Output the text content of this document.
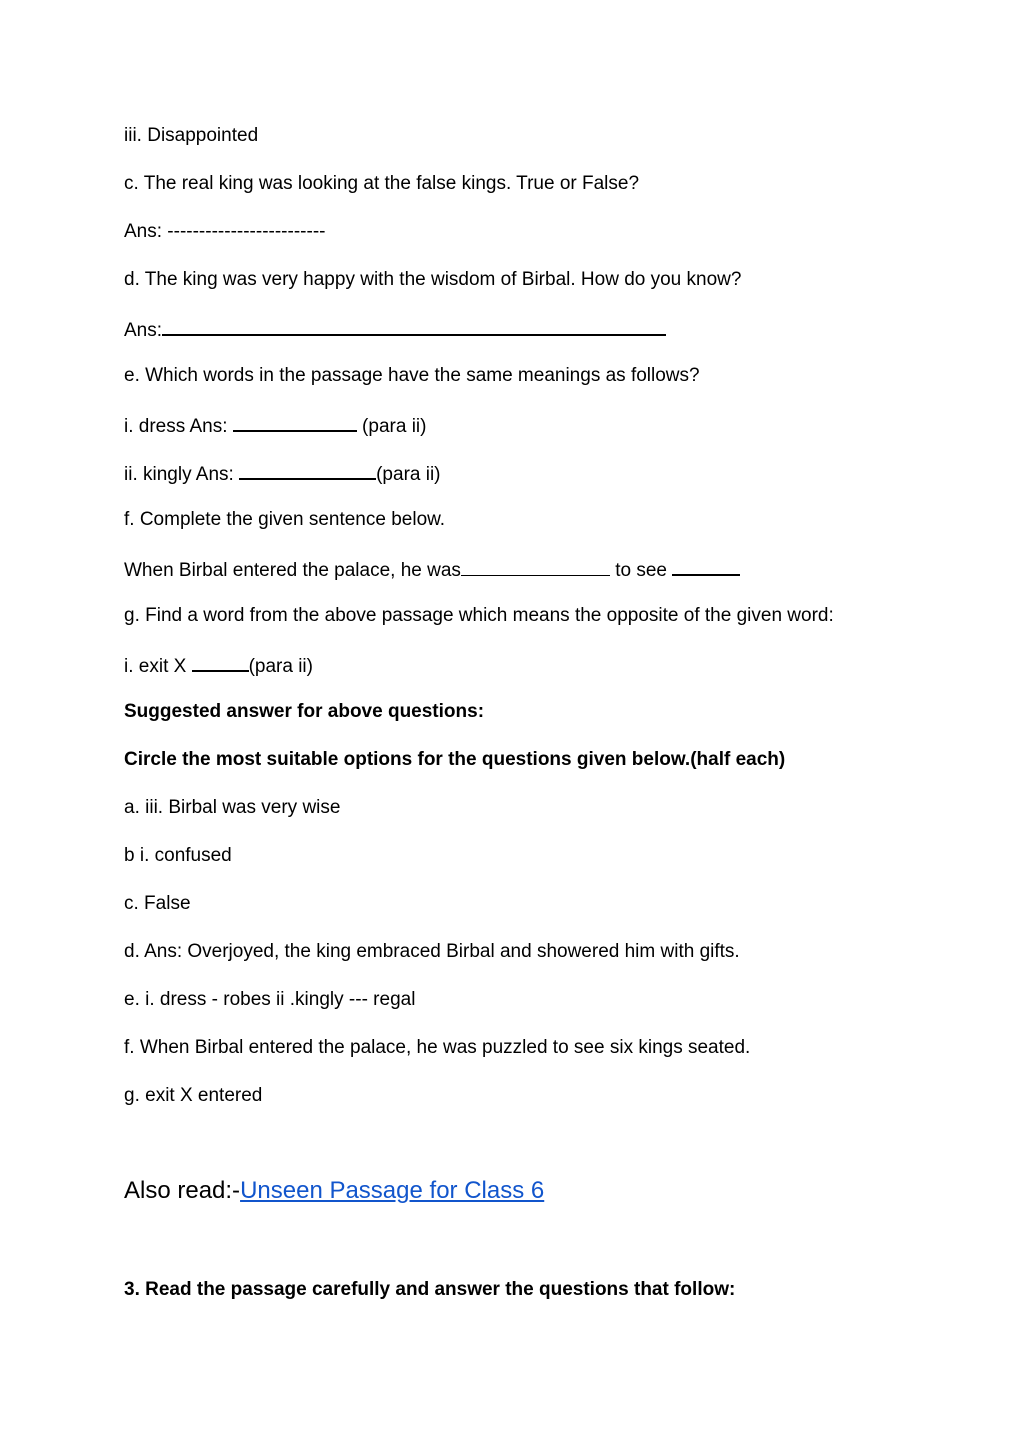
iii. Disappointed
c. The real king was looking at the false kings. True or False?
Ans: -------------------------
d. The king was very happy with the wisdom of Birbal. How do you know?
Ans:
e. Which words in the passage have the same meanings as follows?
i. dress Ans:	(para ii)
ii. kingly Ans:	(para ii)
f. Complete the given sentence below.
When Birbal entered the palace, he was	to see
g. Find a word from the above passage which means the opposite of the given word:
i. exit X	(para ii)
Suggested answer for above questions:
Circle the most suitable options for the questions given below.(half each)
a. iii. Birbal was very wise
b i. confused
c. False
d. Ans: Overjoyed, the king embraced Birbal and showered him with gifts.
e. i. dress - robes ii .kingly --- regal
f. When Birbal entered the palace, he was puzzled to see six kings seated.
g. exit X entered
Also read:-Unseen Passage for Class 6
3. Read the passage carefully and answer the questions that follow:
